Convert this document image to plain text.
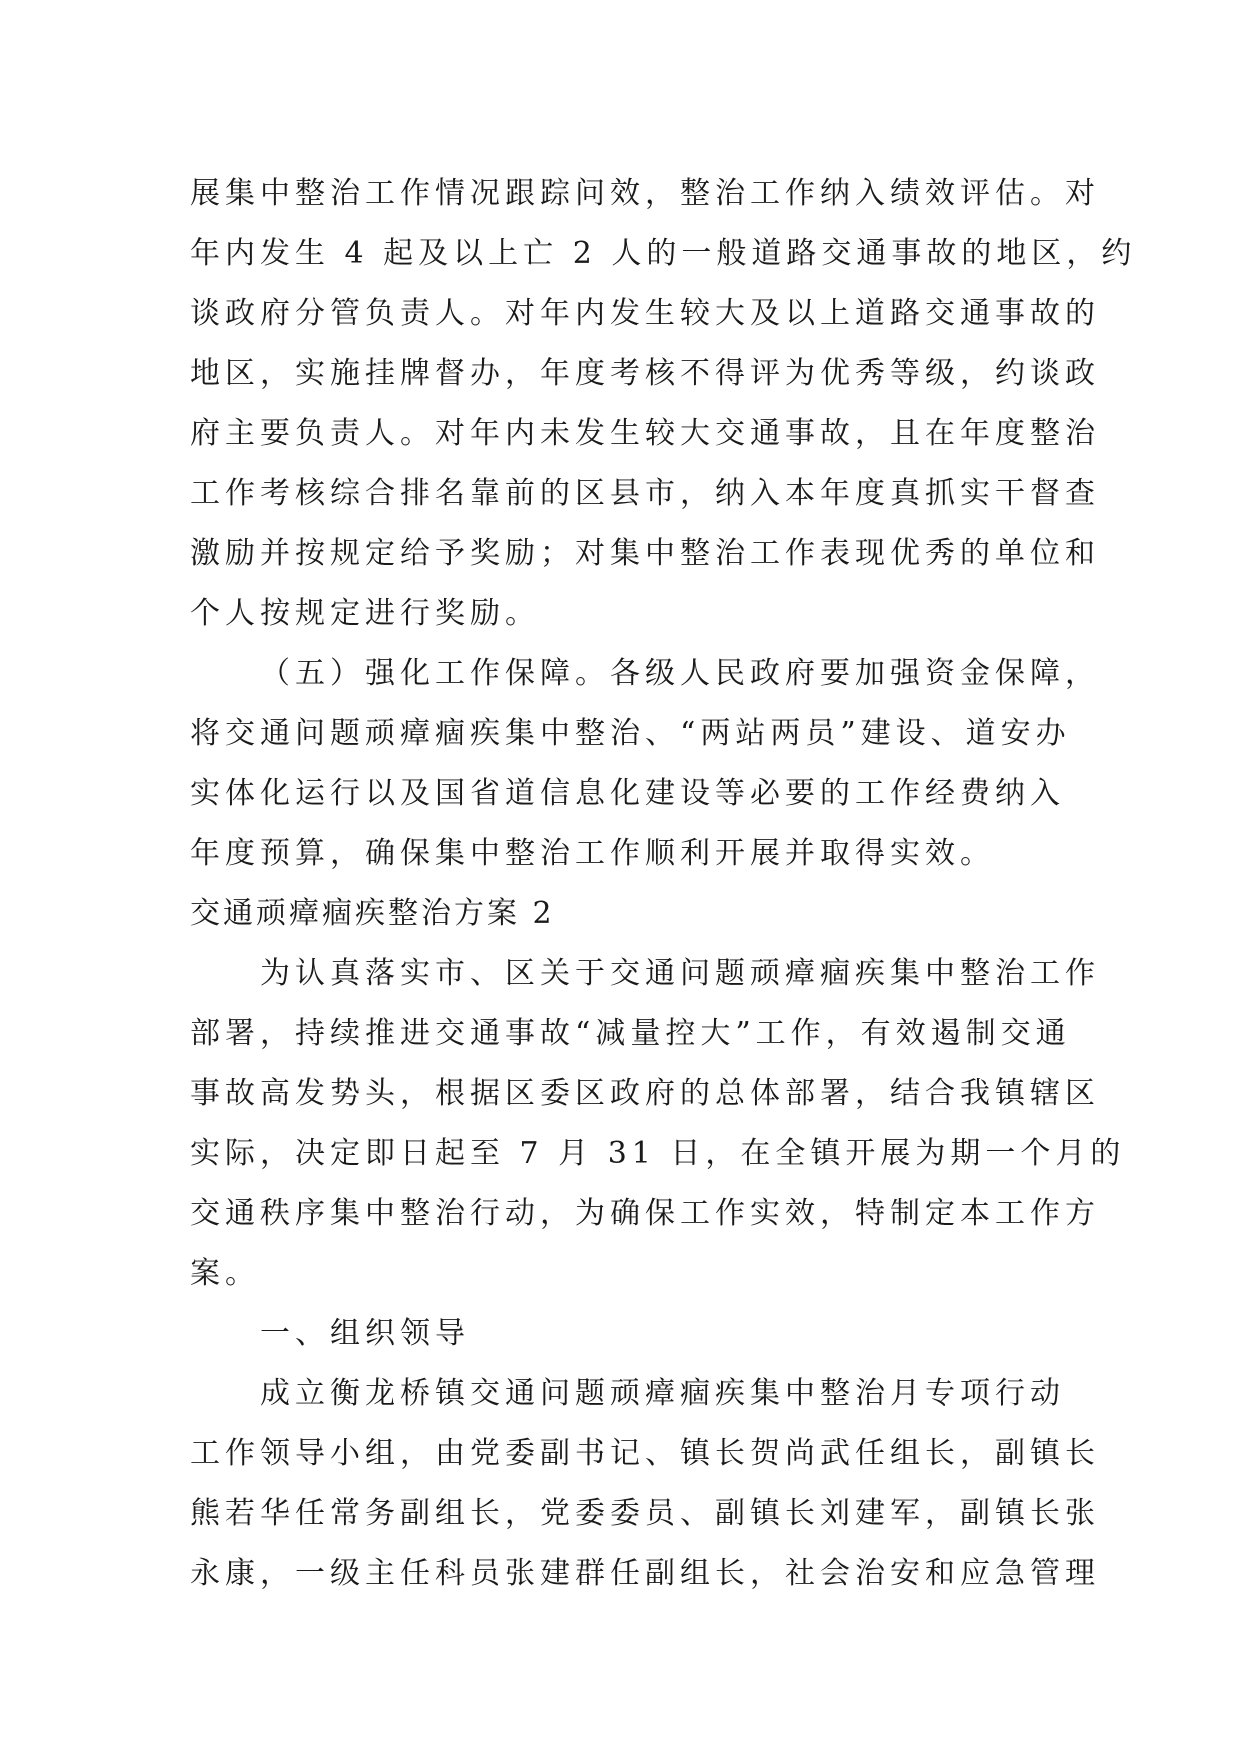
展集中整治工作情况跟踪问效，整治工作纳入绩效评估。对
年内发生 4 起及以上亡 2 人的一般道路交通事故的地区，约
谈政府分管负责人。对年内发生较大及以上道路交通事故的
地区，实施挂牌督办，年度考核不得评为优秀等级，约谈政
府主要负责人。对年内未发生较大交通事故，且在年度整治
工作考核综合排名靠前的区县市，纳入本年度真抓实干督查
激励并按规定给予奖励；对集中整治工作表现优秀的单位和
个人按规定进行奖励。
（五）强化工作保障。各级人民政府要加强资金保障，
将交通问题顽瘴痼疾集中整治、“两站两员”建设、道安办
实体化运行以及国省道信息化建设等必要的工作经费纳入
年度预算，确保集中整治工作顺利开展并取得实效。
交通顽瘴痼疾整治方案 2
为认真落实市、区关于交通问题顽瘴痼疾集中整治工作
部署，持续推进交通事故“减量控大”工作，有效遏制交通
事故高发势头，根据区委区政府的总体部署，结合我镇辖区
实际，决定即日起至 7 月 31 日，在全镇开展为期一个月的
交通秩序集中整治行动，为确保工作实效，特制定本工作方
案。
一、组织领导
成立衡龙桥镇交通问题顽瘴痼疾集中整治月专项行动
工作领导小组，由党委副书记、镇长贺尚武任组长，副镇长
熊若华任常务副组长，党委委员、副镇长刘建军，副镇长张
永康，一级主任科员张建群任副组长，社会治安和应急管理
